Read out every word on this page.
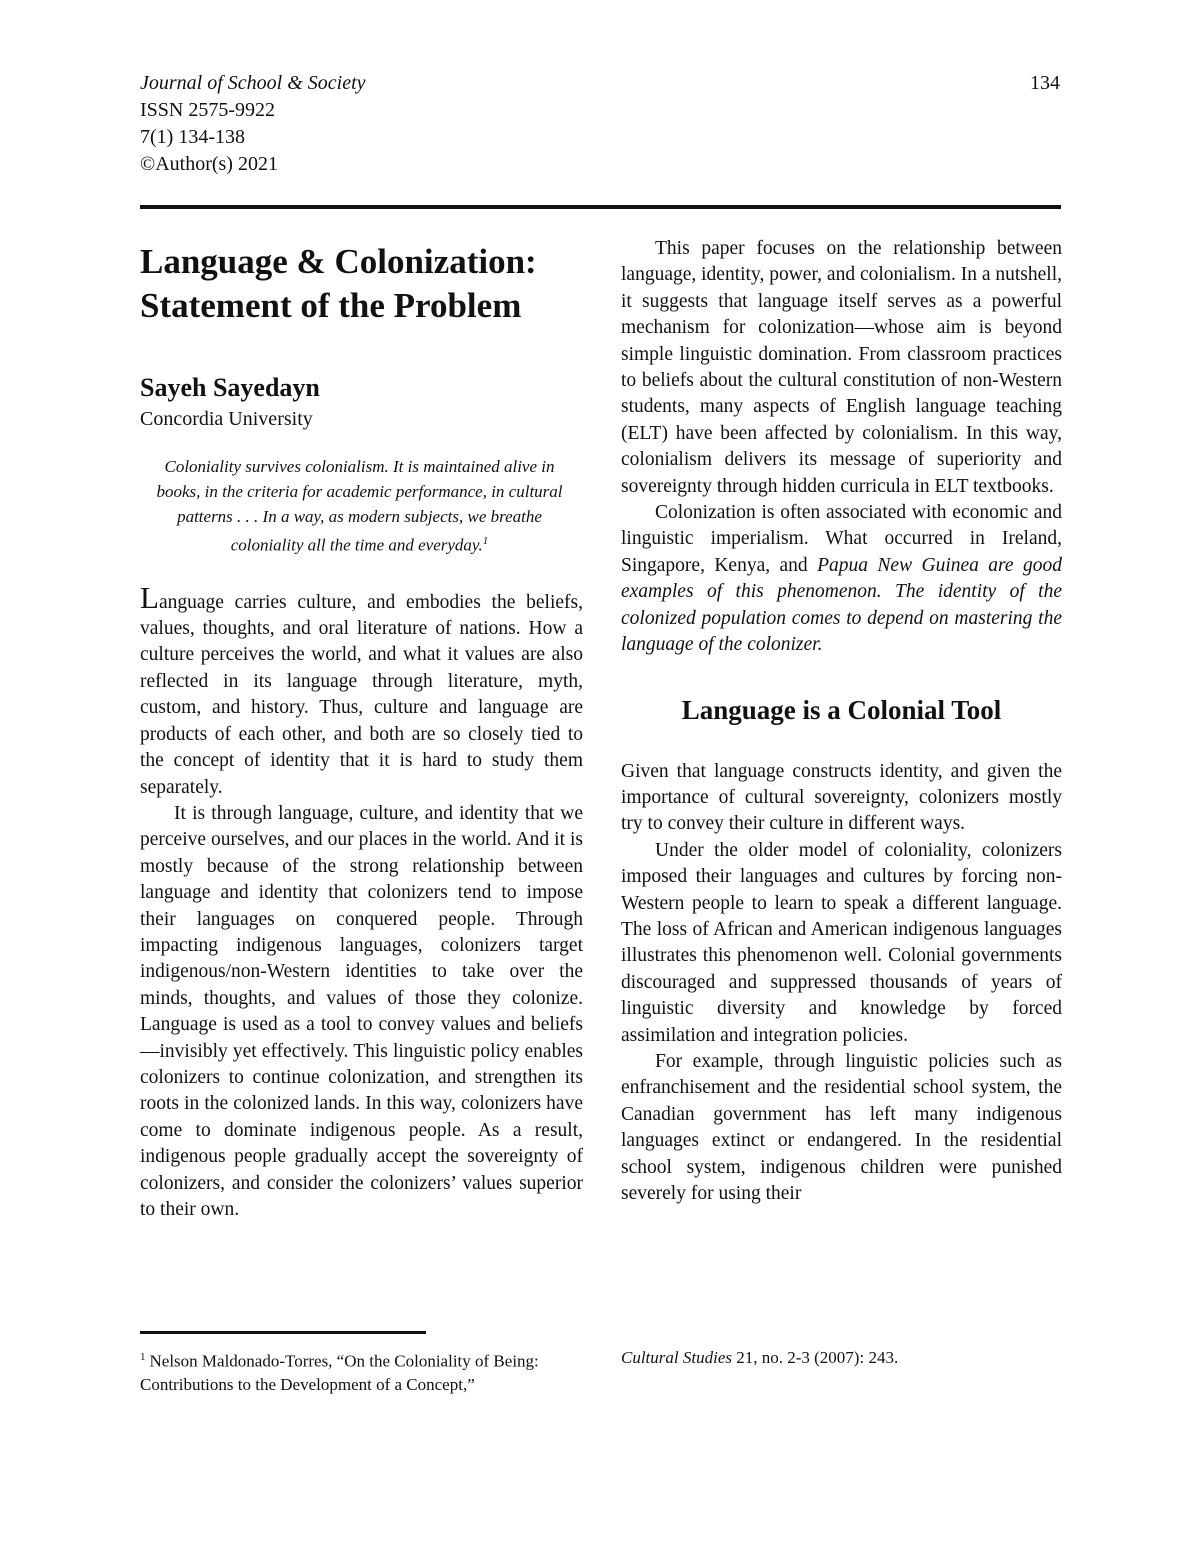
Journal of School & Society
ISSN 2575-9922
7(1) 134-138
©Author(s) 2021
134
Language & Colonization:
Statement of the Problem
Sayeh Sayedayn
Concordia University

Coloniality survives colonialism. It is maintained alive in books, in the criteria for academic performance, in cultural patterns . . . In a way, as modern subjects, we breathe coloniality all the time and everyday.$^1$

Language carries culture, and embodies the beliefs, values, thoughts, and oral literature of nations. How a culture perceives the world, and what it values are also reflected in its language through literature, myth, custom, and history. Thus, culture and language are products of each other, and both are so closely tied to the concept of identity that it is hard to study them separately.

It is through language, culture, and identity that we perceive ourselves, and our places in the world. And it is mostly because of the strong relationship between language and identity that colonizers tend to impose their languages on conquered people. Through impacting indigenous languages, colonizers target indigenous/non-Western identities to take over the minds, thoughts, and values of those they colonize. Language is used as a tool to convey values and beliefs—invisibly yet effectively. This linguistic policy enables colonizers to continue colonization, and strengthen its roots in the colonized lands. In this way, colonizers have come to dominate indigenous people. As a result, indigenous people gradually accept the sovereignty of colonizers, and consider the colonizers’ values superior to their own.

This paper focuses on the relationship between language, identity, power, and colonialism. In a nutshell, it suggests that language itself serves as a powerful mechanism for colonization—whose aim is beyond simple linguistic domination. From classroom practices to beliefs about the cultural constitution of non-Western students, many aspects of English language teaching (ELT) have been affected by colonialism. In this way, colonialism delivers its message of superiority and sovereignty through hidden curricula in ELT textbooks.

Colonization is often associated with economic and linguistic imperialism. What occurred in Ireland, Singapore, Kenya, and Papua New Guinea are good examples of this phenomenon. The identity of the colonized population comes to depend on mastering the language of the colonizer.

Language is a Colonial Tool

Given that language constructs identity, and given the importance of cultural sovereignty, colonizers mostly try to convey their culture in different ways.

Under the older model of coloniality, colonizers imposed their languages and cultures by forcing non-Western people to learn to speak a different language. The loss of African and American indigenous languages illustrates this phenomenon well. Colonial governments discouraged and suppressed thousands of years of linguistic diversity and knowledge by forced assimilation and integration policies.

For example, through linguistic policies such as enfranchisement and the residential school system, the Canadian government has left many indigenous languages extinct or endangered. In the residential school system, indigenous children were punished severely for using their

$^1$ Nelson Maldonado-Torres, “On the Coloniality of Being: Contributions to the Development of a Concept,”
Cultural Studies 21, no. 2-3 (2007): 243.
